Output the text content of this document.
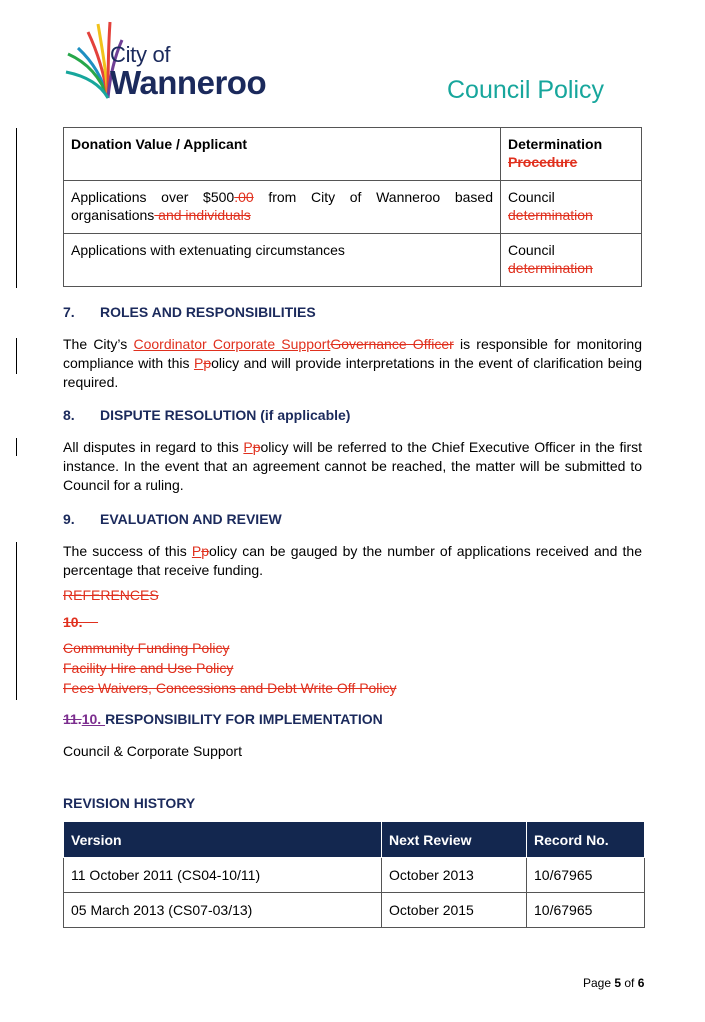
City of
Wanneroo	Council Policy
Donation Value / Applicant	Determination
Procedure
Applications over $500.00 from City of Wanneroo based organisations and individuals	Council
determination
Applications with extenuating circumstances	Council
determination
7. ROLES AND RESPONSIBILITIES
The City’s Coordinator Corporate SupportGovernance Officer is responsible for monitoring compliance with this Ppolicy and will provide interpretations in the event of clarification being required.
8. DISPUTE RESOLUTION (if applicable)
All disputes in regard to this Ppolicy will be referred to the Chief Executive Officer in the first instance. In the event that an agreement cannot be reached, the matter will be submitted to Council for a ruling.
9. EVALUATION AND REVIEW
The success of this Ppolicy can be gauged by the number of applications received and the percentage that receive funding.
REFERENCES
10.
Community Funding Policy
Facility Hire and Use Policy
Fees Waivers, Concessions and Debt Write Off Policy
11.10. RESPONSIBILITY FOR IMPLEMENTATION
Council & Corporate Support
REVISION HISTORY
Version	Next Review	Record No.
11 October 2011 (CS04-10/11)	October 2013	10/67965
05 March 2013 (CS07-03/13)	October 2015	10/67965
Page 5 of 6
